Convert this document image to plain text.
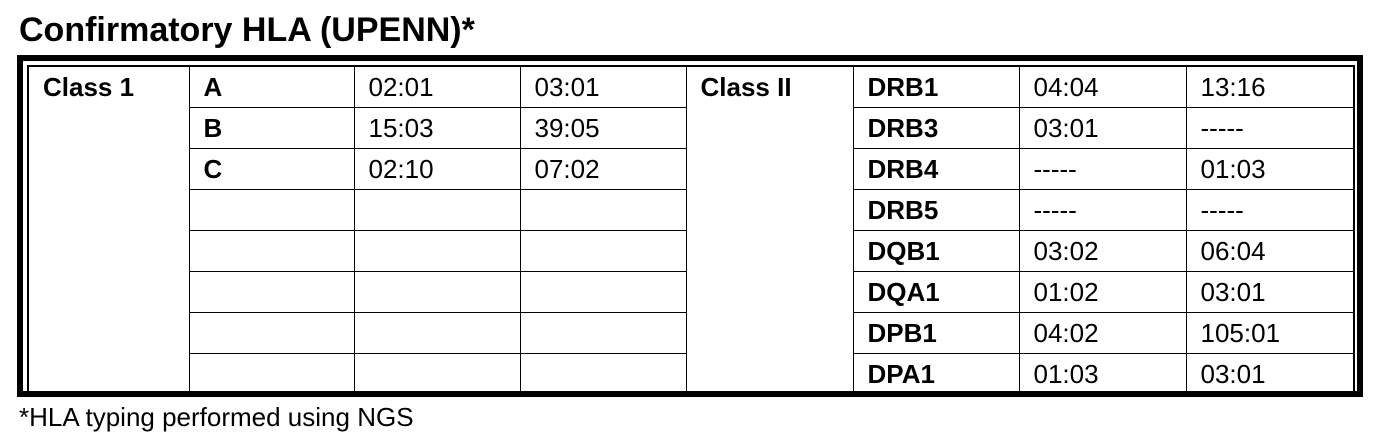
Confirmatory HLA (UPENN)*
Class 1	A	02:01	03:01	Class II	DRB1	04:04	13:16
	B	15:03	39:05		DRB3	03:01	-----
	C	02:10	07:02		DRB4	-----	01:03
					DRB5	-----	-----
					DQB1	03:02	06:04
					DQA1	01:02	03:01
					DPB1	04:02	105:01
					DPA1	01:03	03:01
*HLA typing performed using NGS
